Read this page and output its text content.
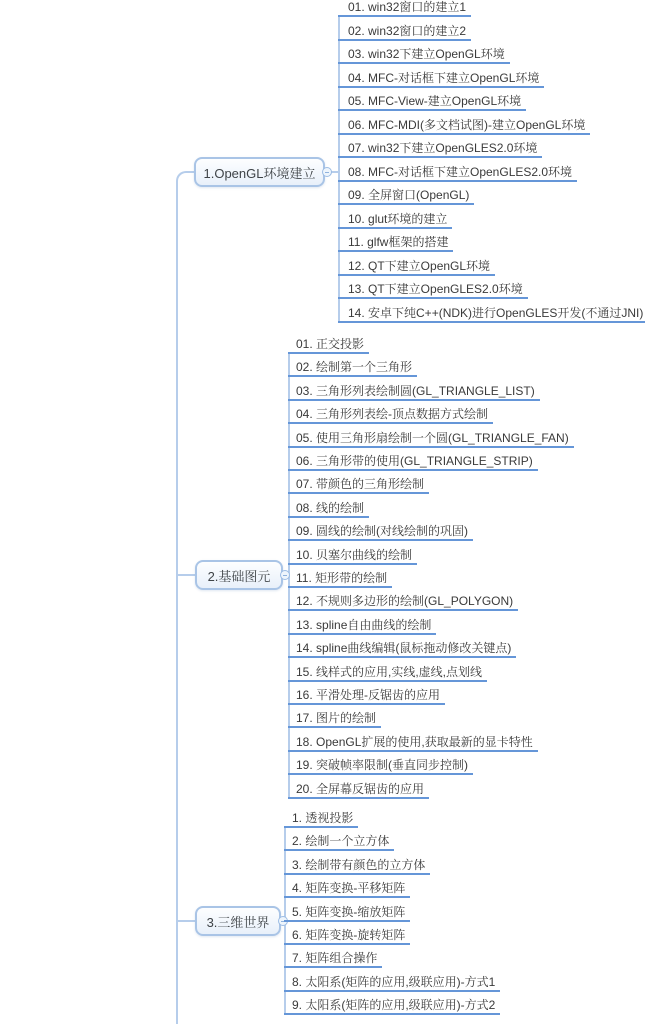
1.OpenGL环境建立
01. win32窗口的建立1
02. win32窗口的建立2
03. win32下建立OpenGL环境
04. MFC-对话框下建立OpenGL环境
05. MFC-View-建立OpenGL环境
06. MFC-MDI(多文档试图)-建立OpenGL环境
07. win32下建立OpenGLES2.0环境
08. MFC-对话框下建立OpenGLES2.0环境
09. 全屏窗口(OpenGL)
10. glut环境的建立
11. glfw框架的搭建
12. QT下建立OpenGL环境
13. QT下建立OpenGLES2.0环境
14. 安卓下纯C++(NDK)进行OpenGLES开发(不通过JNI)
2.基础图元
01. 正交投影
02. 绘制第一个三角形
03. 三角形列表绘制圆(GL_TRIANGLE_LIST)
04. 三角形列表绘-顶点数据方式绘制
05. 使用三角形扇绘制一个圆(GL_TRIANGLE_FAN)
06. 三角形带的使用(GL_TRIANGLE_STRIP)
07. 带颜色的三角形绘制
08. 线的绘制
09. 圆线的绘制(对线绘制的巩固)
10. 贝塞尔曲线的绘制
11. 矩形带的绘制
12. 不规则多边形的绘制(GL_POLYGON)
13. spline自由曲线的绘制
14. spline曲线编辑(鼠标拖动修改关键点)
15. 线样式的应用,实线,虚线,点划线
16. 平滑处理-反锯齿的应用
17. 图片的绘制
18. OpenGL扩展的使用,获取最新的显卡特性
19. 突破帧率限制(垂直同步控制)
20. 全屏幕反锯齿的应用
3.三维世界
1. 透视投影
2. 绘制一个立方体
3. 绘制带有颜色的立方体
4. 矩阵变换-平移矩阵
5. 矩阵变换-缩放矩阵
6. 矩阵变换-旋转矩阵
7. 矩阵组合操作
8. 太阳系(矩阵的应用,级联应用)-方式1
9. 太阳系(矩阵的应用,级联应用)-方式2
